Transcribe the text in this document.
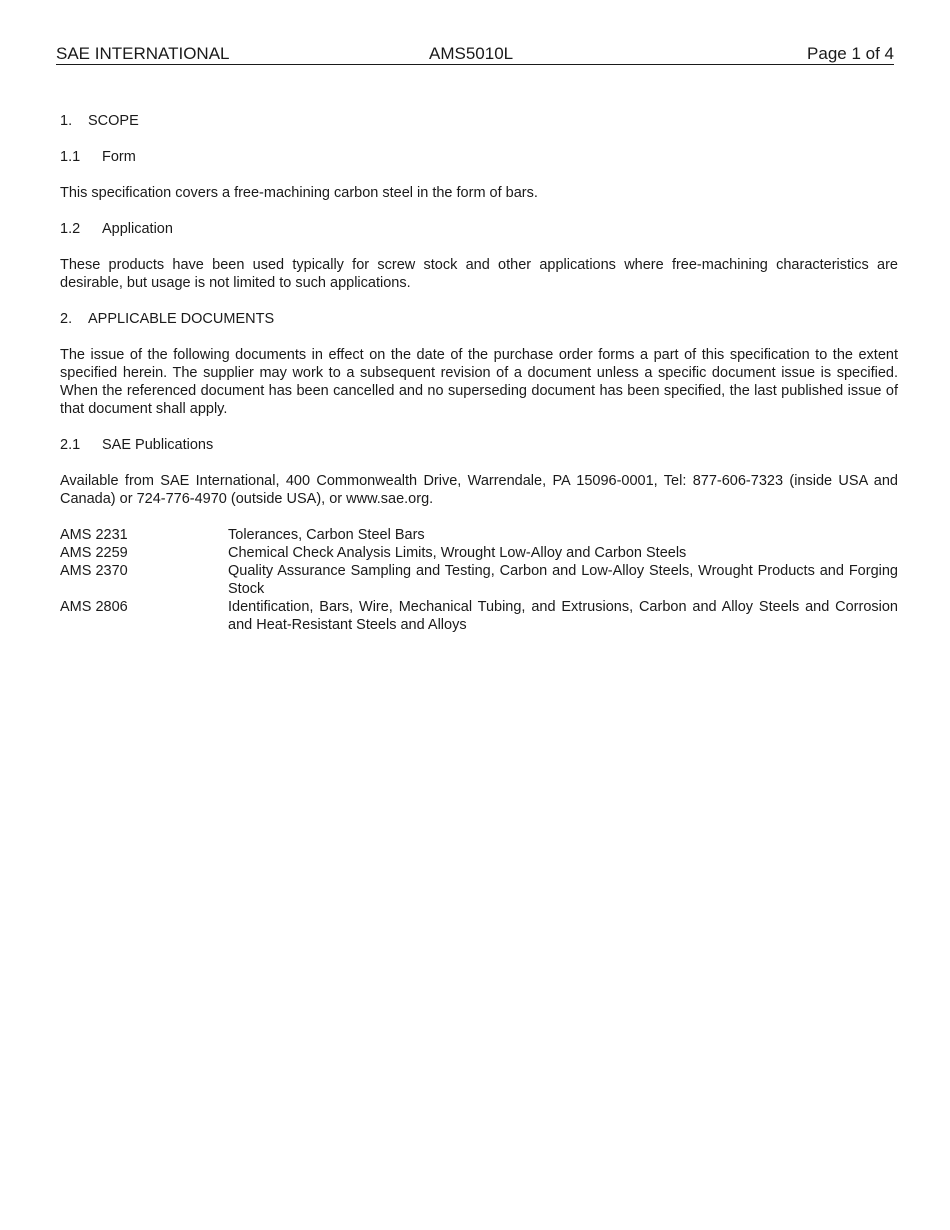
SAE INTERNATIONAL	AMS5010L	Page 1 of 4
1. SCOPE
1.1 Form

This specification covers a free-machining carbon steel in the form of bars.

1.2 Application

These products have been used typically for screw stock and other applications where free-machining characteristics are desirable, but usage is not limited to such applications.

2. APPLICABLE DOCUMENTS

The issue of the following documents in effect on the date of the purchase order forms a part of this specification to the extent specified herein. The supplier may work to a subsequent revision of a document unless a specific document issue is specified. When the referenced document has been cancelled and no superseding document has been specified, the last published issue of that document shall apply.

2.1 SAE Publications

Available from SAE International, 400 Commonwealth Drive, Warrendale, PA 15096-0001, Tel: 877-606-7323 (inside USA and Canada) or 724-776-4970 (outside USA), or www.sae.org.

AMS 2231	Tolerances, Carbon Steel Bars
AMS 2259	Chemical Check Analysis Limits, Wrought Low-Alloy and Carbon Steels
AMS 2370	Quality Assurance Sampling and Testing, Carbon and Low-Alloy Steels, Wrought Products and Forging Stock
AMS 2806	Identification, Bars, Wire, Mechanical Tubing, and Extrusions, Carbon and Alloy Steels and Corrosion and Heat-Resistant Steels and Alloys
